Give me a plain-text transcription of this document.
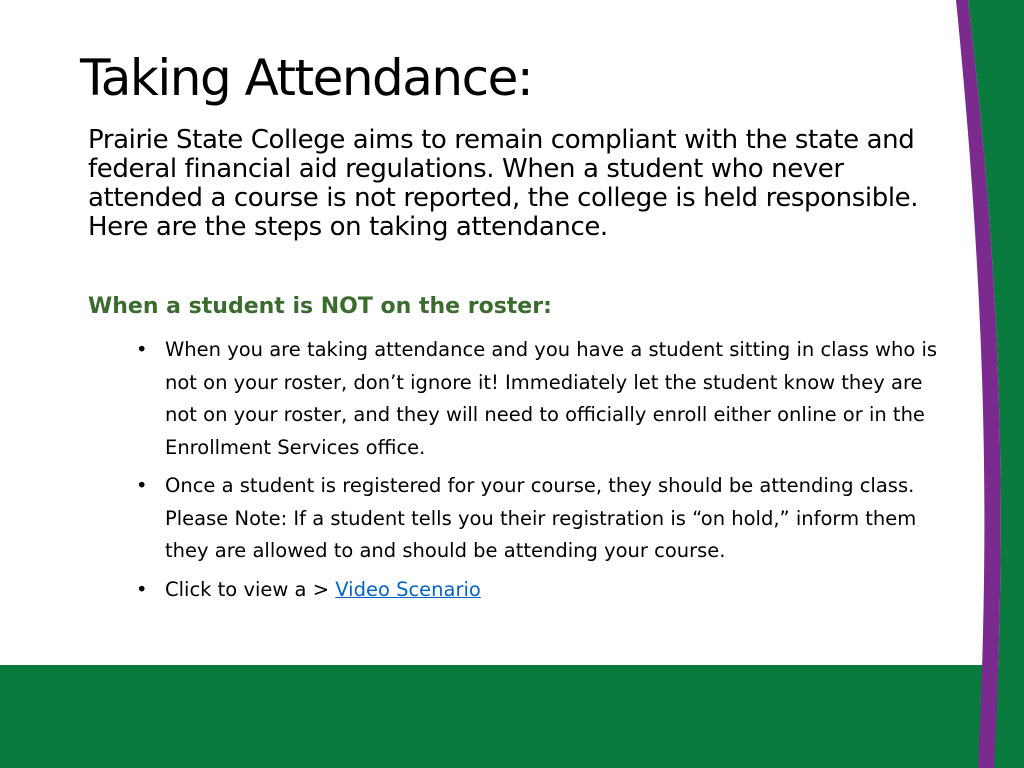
Taking Attendance:

Prairie State College aims to remain compliant with the state and federal financial aid regulations. When a student who never attended a course is not reported, the college is held responsible. Here are the steps on taking attendance.

When a student is NOT on the roster:
• When you are taking attendance and you have a student sitting in class who is not on your roster, don’t ignore it! Immediately let the student know they are not on your roster, and they will need to officially enroll either online or in the Enrollment Services office.
• Once a student is registered for your course, they should be attending class. Please Note: If a student tells you their registration is “on hold,” inform them they are allowed to and should be attending your course.
• Click to view a > Video Scenario
